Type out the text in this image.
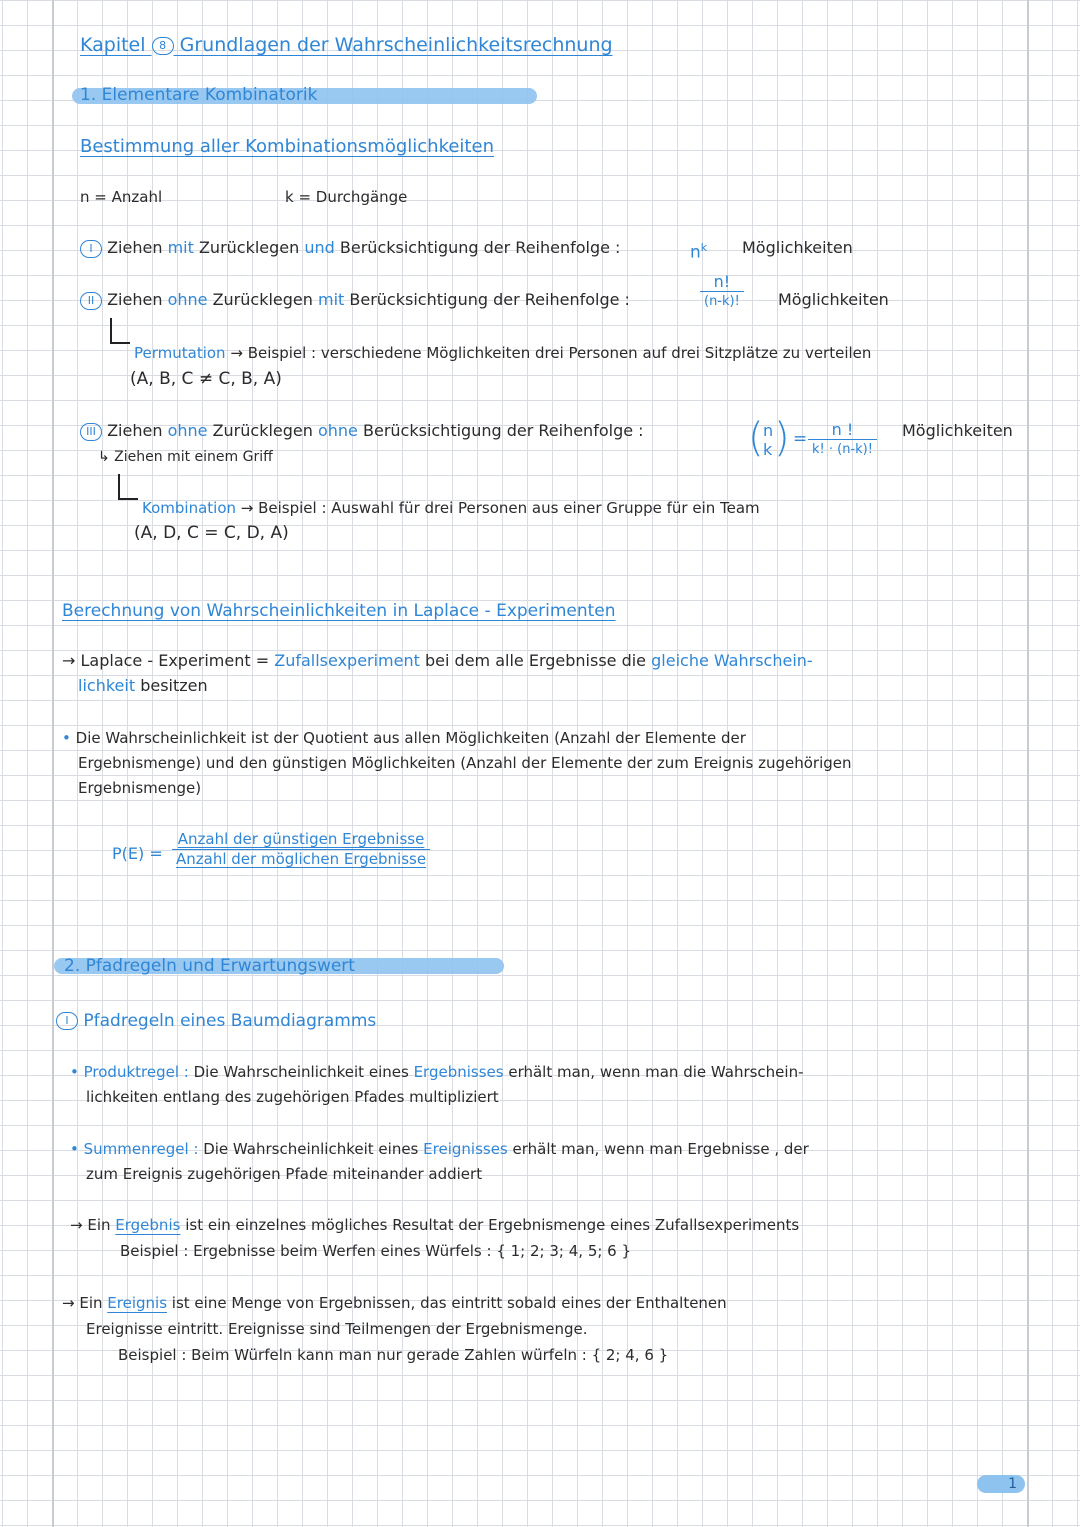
Kapitel 8 Grundlagen der Wahrscheinlichkeitsrechnung
1. Elementare Kombinatorik
Bestimmung aller Kombinationsmöglichkeiten
n = Anzahl	k = Durchgänge
I Ziehen mit Zurücklegen und Berücksichtigung der Reihenfolge :	$n^k$ Möglichkeiten
II Ziehen ohne Zurücklegen mit Berücksichtigung der Reihenfolge :
n!
(n-k)! Möglichkeiten
Permutation → Beispiel : verschiedene Möglichkeiten drei Personen auf drei Sitzplätze zu verteilen
(A, B, C ≠ C, B, A)
III Ziehen ohne Zurücklegen ohne Berücksichtigung der Reihenfolge :	( n
k ) =	n !
k! · (n-k)!
Möglichkeiten
↳ Ziehen mit einem Griff
Kombination → Beispiel : Auswahl für drei Personen aus einer Gruppe für ein Team
(A, D, C = C, D, A)
Berechnung von Wahrscheinlichkeiten in Laplace - Experimenten
→ Laplace - Experiment = Zufallsexperiment bei dem alle Ergebnisse die gleiche Wahrschein-
lichkeit besitzen
• Die Wahrscheinlichkeit ist der Quotient aus allen Möglichkeiten (Anzahl der Elemente der
Ergebnismenge) und den günstigen Möglichkeiten (Anzahl der Elemente der zum Ereignis zugehörigen
Ergebnismenge)
P(E) =
Anzahl der günstigen Ergebnisse
Anzahl der möglichen Ergebnisse
2. Pfadregeln und Erwartungswert
I Pfadregeln eines Baumdiagramms
• Produktregel : Die Wahrscheinlichkeit eines Ergebnisses erhält man, wenn man die Wahrschein-
lichkeiten entlang des zugehörigen Pfades multipliziert
• Summenregel : Die Wahrscheinlichkeit eines Ereignisses erhält man, wenn man Ergebnisse , der
zum Ereignis zugehörigen Pfade miteinander addiert
→ Ein Ergebnis ist ein einzelnes mögliches Resultat der Ergebnismenge eines Zufallsexperiments
Beispiel : Ergebnisse beim Werfen eines Würfels : { 1; 2; 3; 4, 5; 6 }
→ Ein Ereignis ist eine Menge von Ergebnissen, das eintritt sobald eines der Enthaltenen
Ereignisse eintritt. Ereignisse sind Teilmengen der Ergebnismenge.
Beispiel : Beim Würfeln kann man nur gerade Zahlen würfeln : { 2; 4, 6 }
1
